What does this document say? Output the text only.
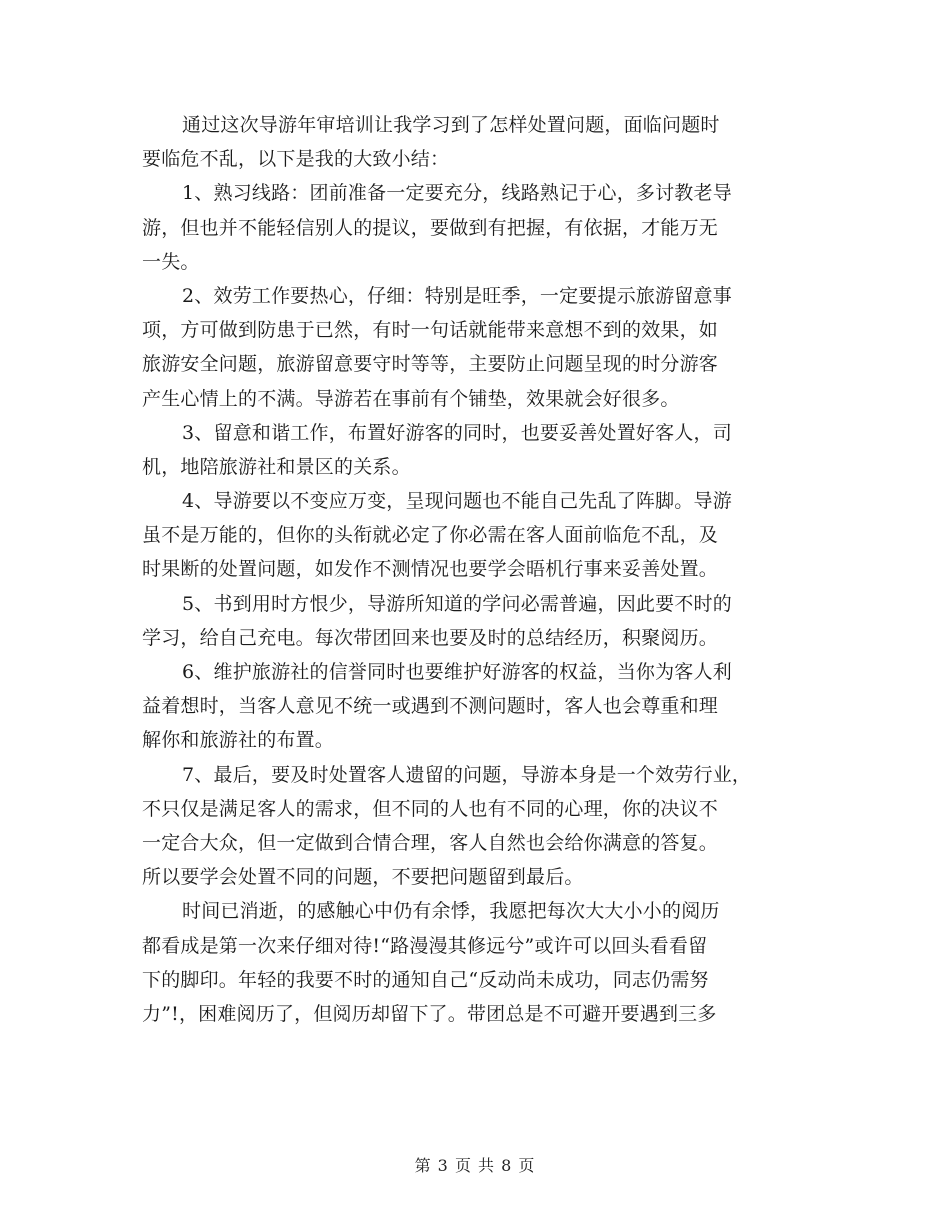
通过这次导游年审培训让我学习到了怎样处置问题，面临问题时
要临危不乱，以下是我的大致小结：
1、熟习线路：团前准备一定要充分，线路熟记于心，多讨教老导
游，但也并不能轻信别人的提议，要做到有把握，有依据，才能万无
一失。
2、效劳工作要热心，仔细：特别是旺季，一定要提示旅游留意事
项，方可做到防患于已然，有时一句话就能带来意想不到的效果，如
旅游安全问题，旅游留意要守时等等，主要防止问题呈现的时分游客
产生心情上的不满。导游若在事前有个铺垫，效果就会好很多。
3、留意和谐工作，布置好游客的同时，也要妥善处置好客人，司
机，地陪旅游社和景区的关系。
4、导游要以不变应万变，呈现问题也不能自己先乱了阵脚。导游
虽不是万能的，但你的头衔就必定了你必需在客人面前临危不乱，及
时果断的处置问题，如发作不测情况也要学会晤机行事来妥善处置。
5、书到用时方恨少，导游所知道的学问必需普遍，因此要不时的
学习，给自己充电。每次带团回来也要及时的总结经历，积聚阅历。
6、维护旅游社的信誉同时也要维护好游客的权益，当你为客人利
益着想时，当客人意见不统一或遇到不测问题时，客人也会尊重和理
解你和旅游社的布置。
7、最后，要及时处置客人遗留的问题，导游本身是一个效劳行业，
不只仅是满足客人的需求，但不同的人也有不同的心理，你的决议不
一定合大众，但一定做到合情合理，客人自然也会给你满意的答复。
所以要学会处置不同的问题，不要把问题留到最后。
时间已消逝，的感触心中仍有余悸，我愿把每次大大小小的阅历
都看成是第一次来仔细对待!“路漫漫其修远兮”或许可以回头看看留
下的脚印。年轻的我要不时的通知自己“反动尚未成功，同志仍需努
力”!，困难阅历了，但阅历却留下了。带团总是不可避开要遇到三多
第 3 页 共 8 页
